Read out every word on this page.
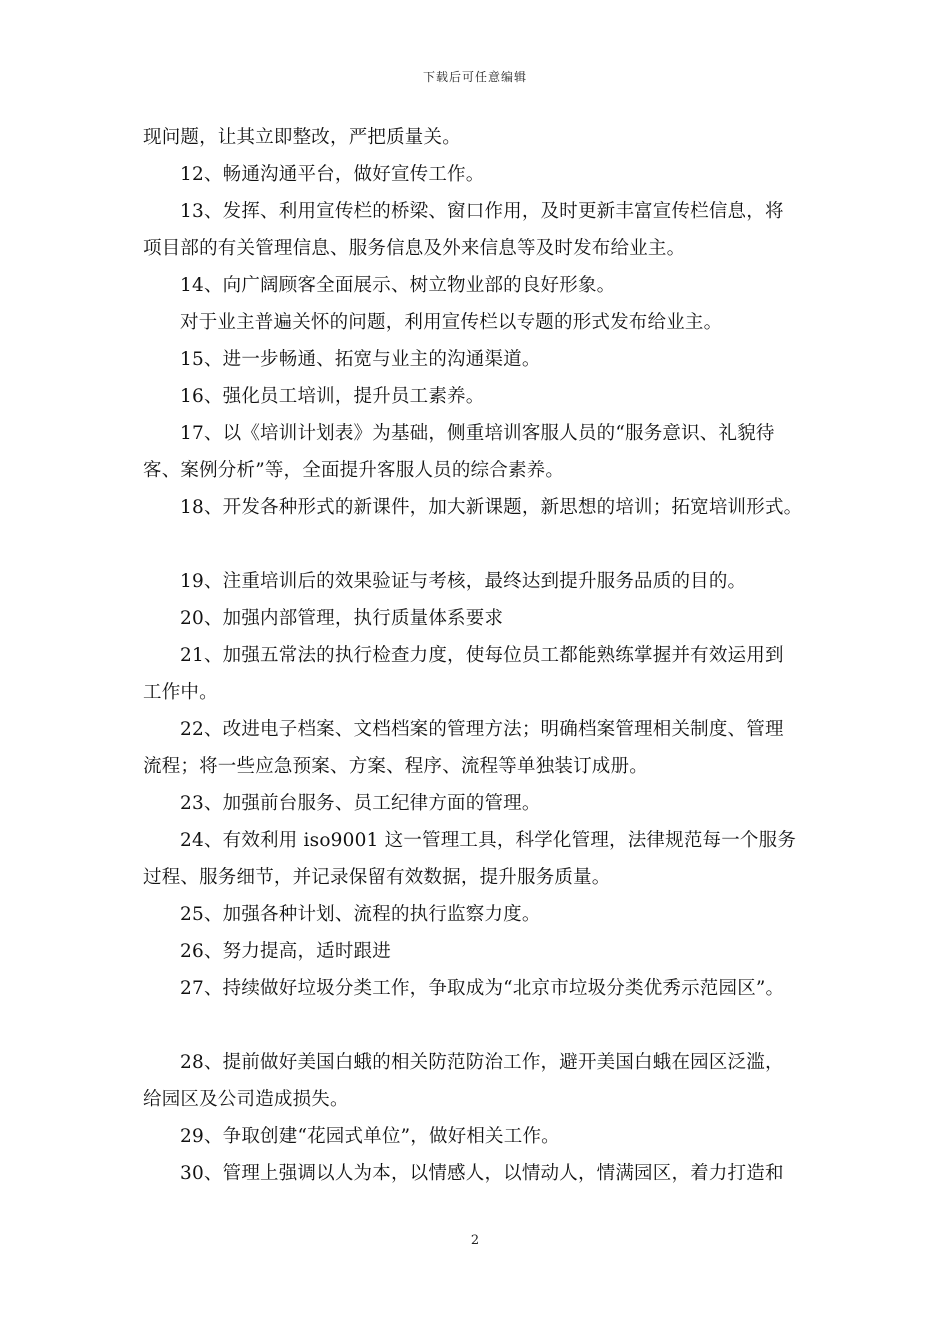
下载后可任意编辑
现问题，让其立即整改，严把质量关。
12、畅通沟通平台，做好宣传工作。
13、发挥、利用宣传栏的桥梁、窗口作用，及时更新丰富宣传栏信息，将
项目部的有关管理信息、服务信息及外来信息等及时发布给业主。
14、向广阔顾客全面展示、树立物业部的良好形象。
对于业主普遍关怀的问题，利用宣传栏以专题的形式发布给业主。
15、进一步畅通、拓宽与业主的沟通渠道。
16、强化员工培训，提升员工素养。
17、以《培训计划表》为基础，侧重培训客服人员的“服务意识、礼貌待
客、案例分析”等，全面提升客服人员的综合素养。
18、开发各种形式的新课件，加大新课题，新思想的培训；拓宽培训形式。
19、注重培训后的效果验证与考核，最终达到提升服务品质的目的。
20、加强内部管理，执行质量体系要求
21、加强五常法的执行检查力度，使每位员工都能熟练掌握并有效运用到
工作中。
22、改进电子档案、文档档案的管理方法；明确档案管理相关制度、管理
流程；将一些应急预案、方案、程序、流程等单独装订成册。
23、加强前台服务、员工纪律方面的管理。
24、有效利用 iso9001 这一管理工具，科学化管理，法律规范每一个服务
过程、服务细节，并记录保留有效数据，提升服务质量。
25、加强各种计划、流程的执行监察力度。
26、努力提高，适时跟进
27、持续做好垃圾分类工作，争取成为“北京市垃圾分类优秀示范园区”。
28、提前做好美国白蛾的相关防范防治工作，避开美国白蛾在园区泛滥，
给园区及公司造成损失。
29、争取创建“花园式单位”，做好相关工作。
30、管理上强调以人为本，以情感人，以情动人，情满园区，着力打造和
2
